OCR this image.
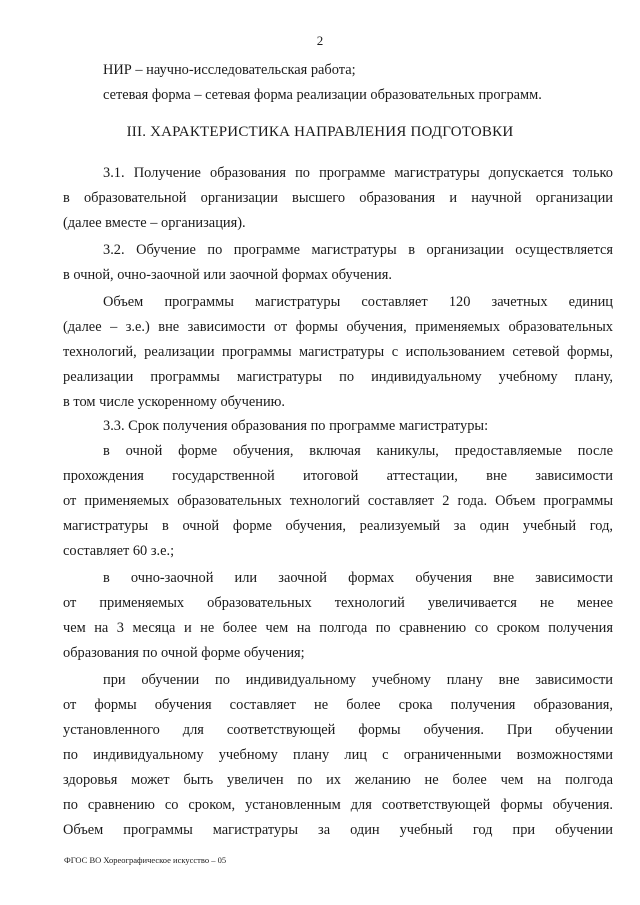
2
НИР – научно-исследовательская работа;
сетевая форма – сетевая форма реализации образовательных программ.
III. ХАРАКТЕРИСТИКА НАПРАВЛЕНИЯ ПОДГОТОВКИ
3.1. Получение образования по программе магистратуры допускается только
в образовательной организации высшего образования и научной организации
(далее вместе – организация).
3.2. Обучение по программе магистратуры в организации осуществляется
в очной, очно-заочной или заочной формах обучения.
Объем программы магистратуры составляет 120 зачетных единиц
(далее – з.е.) вне зависимости от формы обучения, применяемых образовательных
технологий, реализации программы магистратуры с использованием сетевой формы,
реализации программы магистратуры по индивидуальному учебному плану,
в том числе ускоренному обучению.
3.3. Срок получения образования по программе магистратуры:
в очной форме обучения, включая каникулы, предоставляемые после
прохождения государственной итоговой аттестации, вне зависимости
от применяемых образовательных технологий составляет 2 года. Объем программы
магистратуры в очной форме обучения, реализуемый за один учебный год,
составляет 60 з.е.;
в очно-заочной или заочной формах обучения вне зависимости
от применяемых образовательных технологий увеличивается не менее
чем на 3 месяца и не более чем на полгода по сравнению со сроком получения
образования по очной форме обучения;
при обучении по индивидуальному учебному плану вне зависимости
от формы обучения составляет не более срока получения образования,
установленного для соответствующей формы обучения. При обучении
по индивидуальному учебному плану лиц с ограниченными возможностями
здоровья может быть увеличен по их желанию не более чем на полгода
по сравнению со сроком, установленным для соответствующей формы обучения.
Объем программы магистратуры за один учебный год при обучении
ФГОС ВО Хореографическое искусство – 05
